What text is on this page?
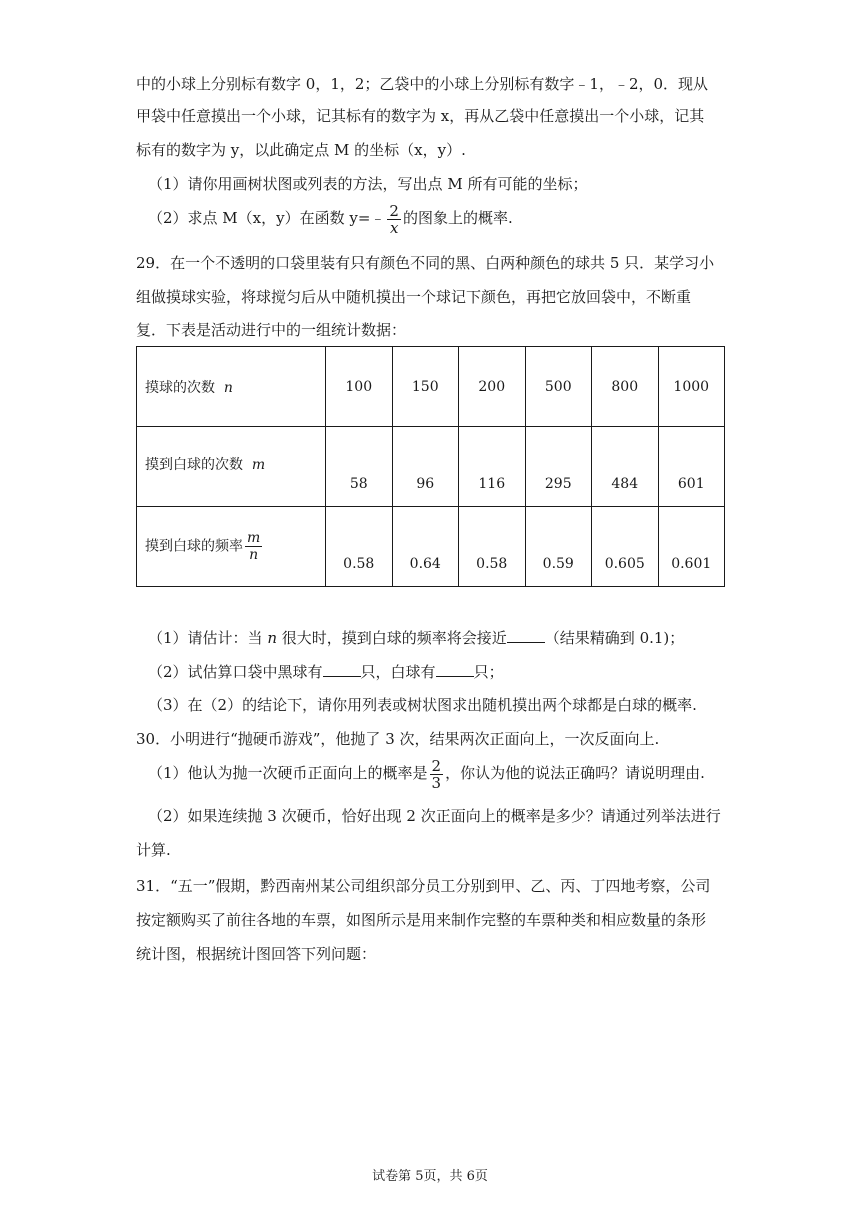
中的小球上分别标有数字 0，1，2；乙袋中的小球上分别标有数字﹣1，﹣2，0．现从
甲袋中任意摸出一个小球，记其标有的数字为 x，再从乙袋中任意摸出一个小球，记其
标有的数字为 y，以此确定点 M 的坐标（x，y）.
（1）请你用画树状图或列表的方法，写出点 M 所有可能的坐标；
（2）求点 M（x，y）在函数 y=﹣ $\frac{2}{x}$ 的图象上的概率.
29．在一个不透明的口袋里装有只有颜色不同的黑、白两种颜色的球共 5 只．某学习小
组做摸球实验，将球搅匀后从中随机摸出一个球记下颜色，再把它放回袋中，不断重
复．下表是活动进行中的一组统计数据：
摸球的次数 n	100	150	200	500	800	1000
摸到白球的次数 m	58	96	116	295	484	601
摸到白球的频率 $\frac{m}{n}$	0.58	0.64	0.58	0.59	0.605	0.601
（1）请估计：当 n 很大时，摸到白球的频率将会接近	（结果精确到 0.1)；
（2）试估算口袋中黑球有	只，白球有	只；
（3）在（2）的结论下，请你用列表或树状图求出随机摸出两个球都是白球的概率.
30．小明进行“抛硬币游戏”，他抛了 3 次，结果两次正面向上，一次反面向上.
（1）他认为抛一次硬币正面向上的概率是 $\frac{2}{3}$ ，你认为他的说法正确吗？请说明理由.
（2）如果连续抛 3 次硬币，恰好出现 2 次正面向上的概率是多少？请通过列举法进行
计算.
31．“五一”假期，黔西南州某公司组织部分员工分别到甲、乙、丙、丁四地考察，公司
按定额购买了前往各地的车票，如图所示是用来制作完整的车票种类和相应数量的条形
统计图，根据统计图回答下列问题：
试卷第 5页，共 6页
